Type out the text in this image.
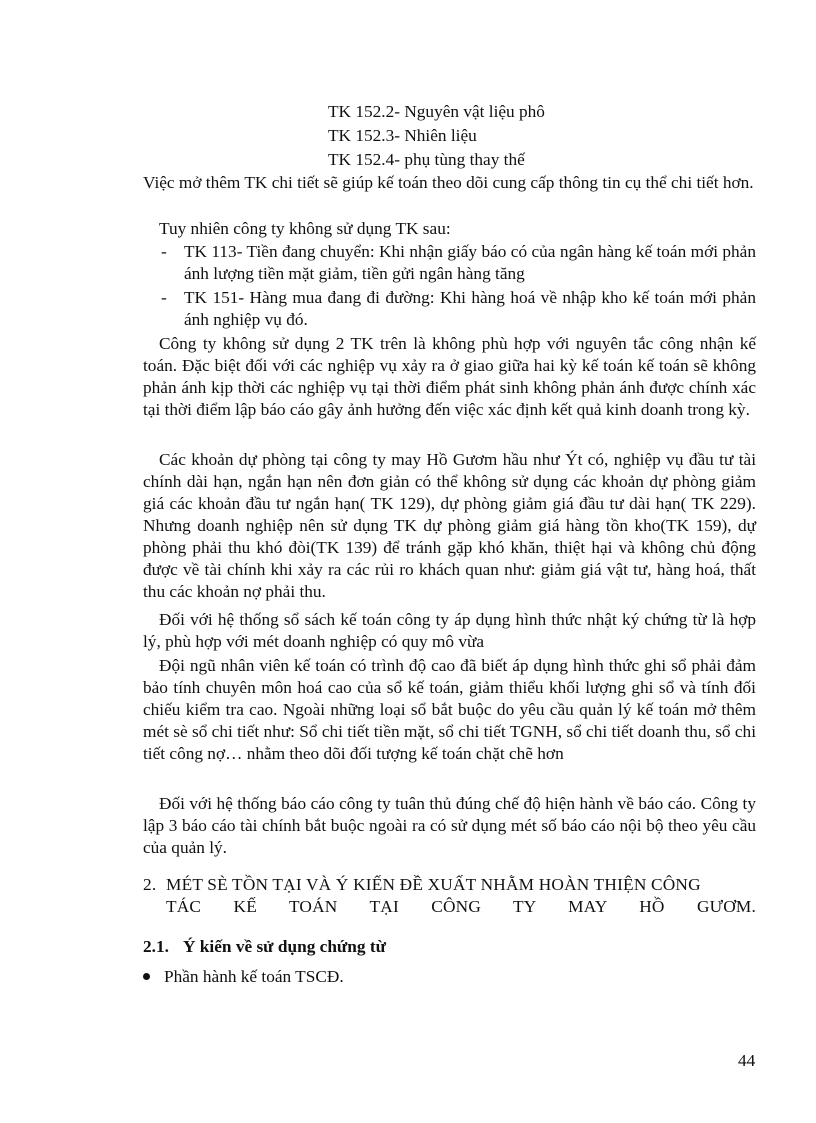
TK 152.2- Nguyên vật liệu phô
TK 152.3- Nhiên liệu
TK 152.4- phụ tùng thay thế

Việc mở thêm TK chi tiết sẽ giúp kế toán theo dõi cung cấp thông tin cụ thể chi tiết hơn.

Tuy nhiên công ty không sử dụng TK sau:

- TK 113- Tiền đang chuyển: Khi nhận giấy báo có của ngân hàng kế toán mới phản ánh lượng tiền mặt giảm, tiền gửi ngân hàng tăng
- TK 151- Hàng mua đang đi đường: Khi hàng hoá về nhập kho kế toán mới phản ánh nghiệp vụ đó.

Công ty không sử dụng 2 TK trên là không phù hợp với nguyên tắc công nhận kế toán. Đặc biệt đối với các nghiệp vụ xảy ra ở giao giữa hai kỳ kế toán kế toán sẽ không phản ánh kịp thời các nghiệp vụ tại thời điểm phát sinh không phản ánh được chính xác tại thời điểm lập báo cáo gây ảnh hưởng đến việc xác định kết quả kinh doanh trong kỳ.

Các khoản dự phòng tại công ty may Hồ Gươm hầu như Ýt có, nghiệp vụ đầu tư tài chính dài hạn, ngắn hạn nên đơn giản có thể không sử dụng các khoản dự phòng giảm giá các khoản đầu tư ngắn hạn( TK 129), dự phòng giảm giá đầu tư dài hạn( TK 229). Nhưng doanh nghiệp nên sử dụng TK dự phòng giảm giá hàng tồn kho(TK 159), dự phòng phải thu khó đòi(TK 139) để tránh gặp khó khăn, thiệt hại và không chủ động được về tài chính khi xảy ra các rủi ro khách quan như: giảm giá vật tư, hàng hoá, thất thu các khoản nợ phải thu.

Đối với hệ thống sổ sách kế toán công ty áp dụng hình thức nhật ký chứng từ là hợp lý, phù hợp với mét doanh nghiệp có quy mô vừa

Đội ngũ nhân viên kế toán có trình độ cao đã biết áp dụng hình thức ghi sổ phải đảm bảo tính chuyên môn hoá cao của sổ kế toán, giảm thiểu khối lượng ghi sổ và tính đối chiếu kiểm tra cao. Ngoài những loại sổ bắt buộc do yêu cầu quản lý kế toán mở thêm mét sè sổ chi tiết như: Sổ chi tiết tiền mặt, sổ chi tiết TGNH, sổ chi tiết doanh thu, sổ chi tiết công nợ… nhằm theo dõi đối tượng kế toán chặt chẽ hơn

Đối với hệ thống báo cáo công ty tuân thủ đúng chế độ hiện hành về báo cáo. Công ty lập 3 báo cáo tài chính bắt buộc ngoài ra có sử dụng mét số báo cáo nội bộ theo yêu cầu của quản lý.

2. MÉT SÈ TỒN TẠI VÀ Ý KIẾN ĐỀ XUẤT NHẰM HOÀN THIỆN CÔNG
TÁC KẾ TOÁN TẠI CÔNG TY MAY HỒ GƯƠM.
2.1. Ý kiến về sử dụng chứng từ
Phần hành kế toán TSCĐ.
44
